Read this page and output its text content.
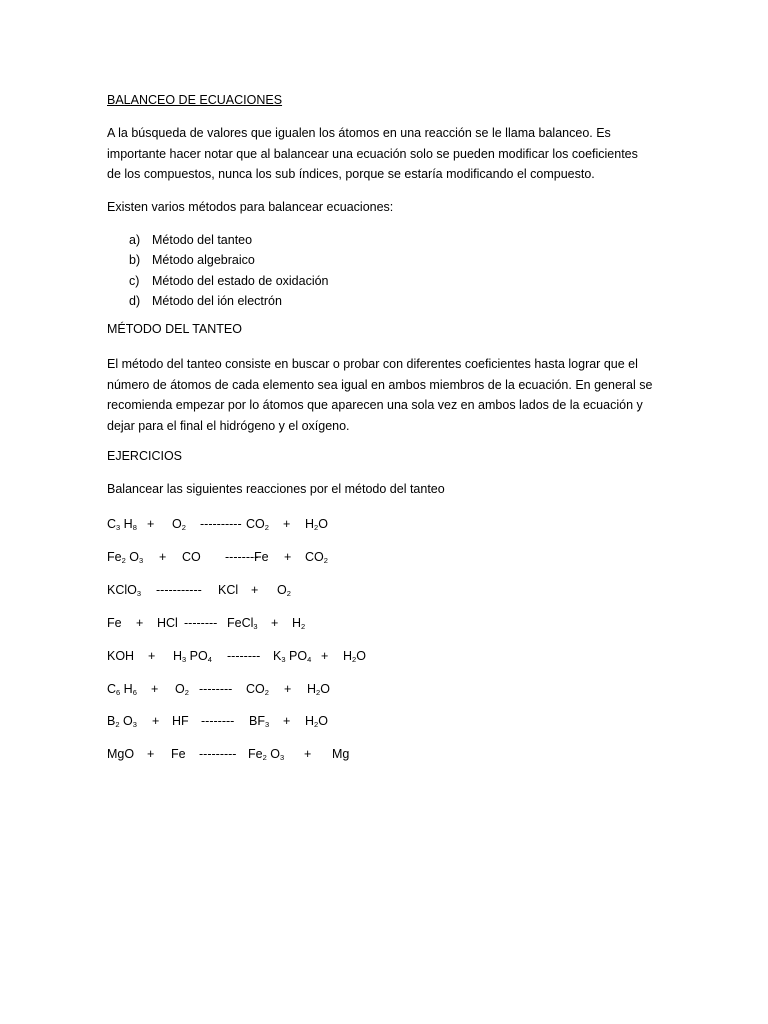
BALANCEO DE ECUACIONES
A la búsqueda de valores que igualen los átomos en una reacción se le llama balanceo. Es
importante hacer notar que al balancear una ecuación solo se pueden modificar los coeficientes
de los compuestos, nunca los sub índices, porque se estaría modificando el compuesto.
Existen varios métodos para balancear ecuaciones:
a) Método del tanteo
b) Método algebraico
c)	Método del estado de oxidación
d) Método del ión electrón
MÉTODO DEL TANTEO
El método del tanteo consiste en buscar o probar con diferentes coeficientes hasta lograr que el
número de átomos de cada elemento sea igual en ambos miembros de la ecuación. En general se
recomienda empezar por lo átomos que aparecen una sola vez en ambos lados de la ecuación y
dejar para el final el hidrógeno y el oxígeno.
EJERCICIOS
Balancear las siguientes reacciones por el método del tanteo
$C_3$ $H_8 + O_2$ ---------- $CO_2 + H_2O$
$Fe_2$ $O_3$ + CO --------
$Fe + CO_2$
KClO$_3$ ----------- KCl + $O_2$
Fe + HCl -------- FeCl$_3$ + $H_2$
KOH + $H_3$ $PO_4$ -------- $K_3$ $PO_4 + H_2O$
$C_6$ $H_6 + O_2$ -------- $CO_2 + H_2O$
$B_2$ $O_3$ + HF -------- $BF_3 + H_2O$
MgO + Fe --------- $Fe_2$ $O_3 + Mg$
